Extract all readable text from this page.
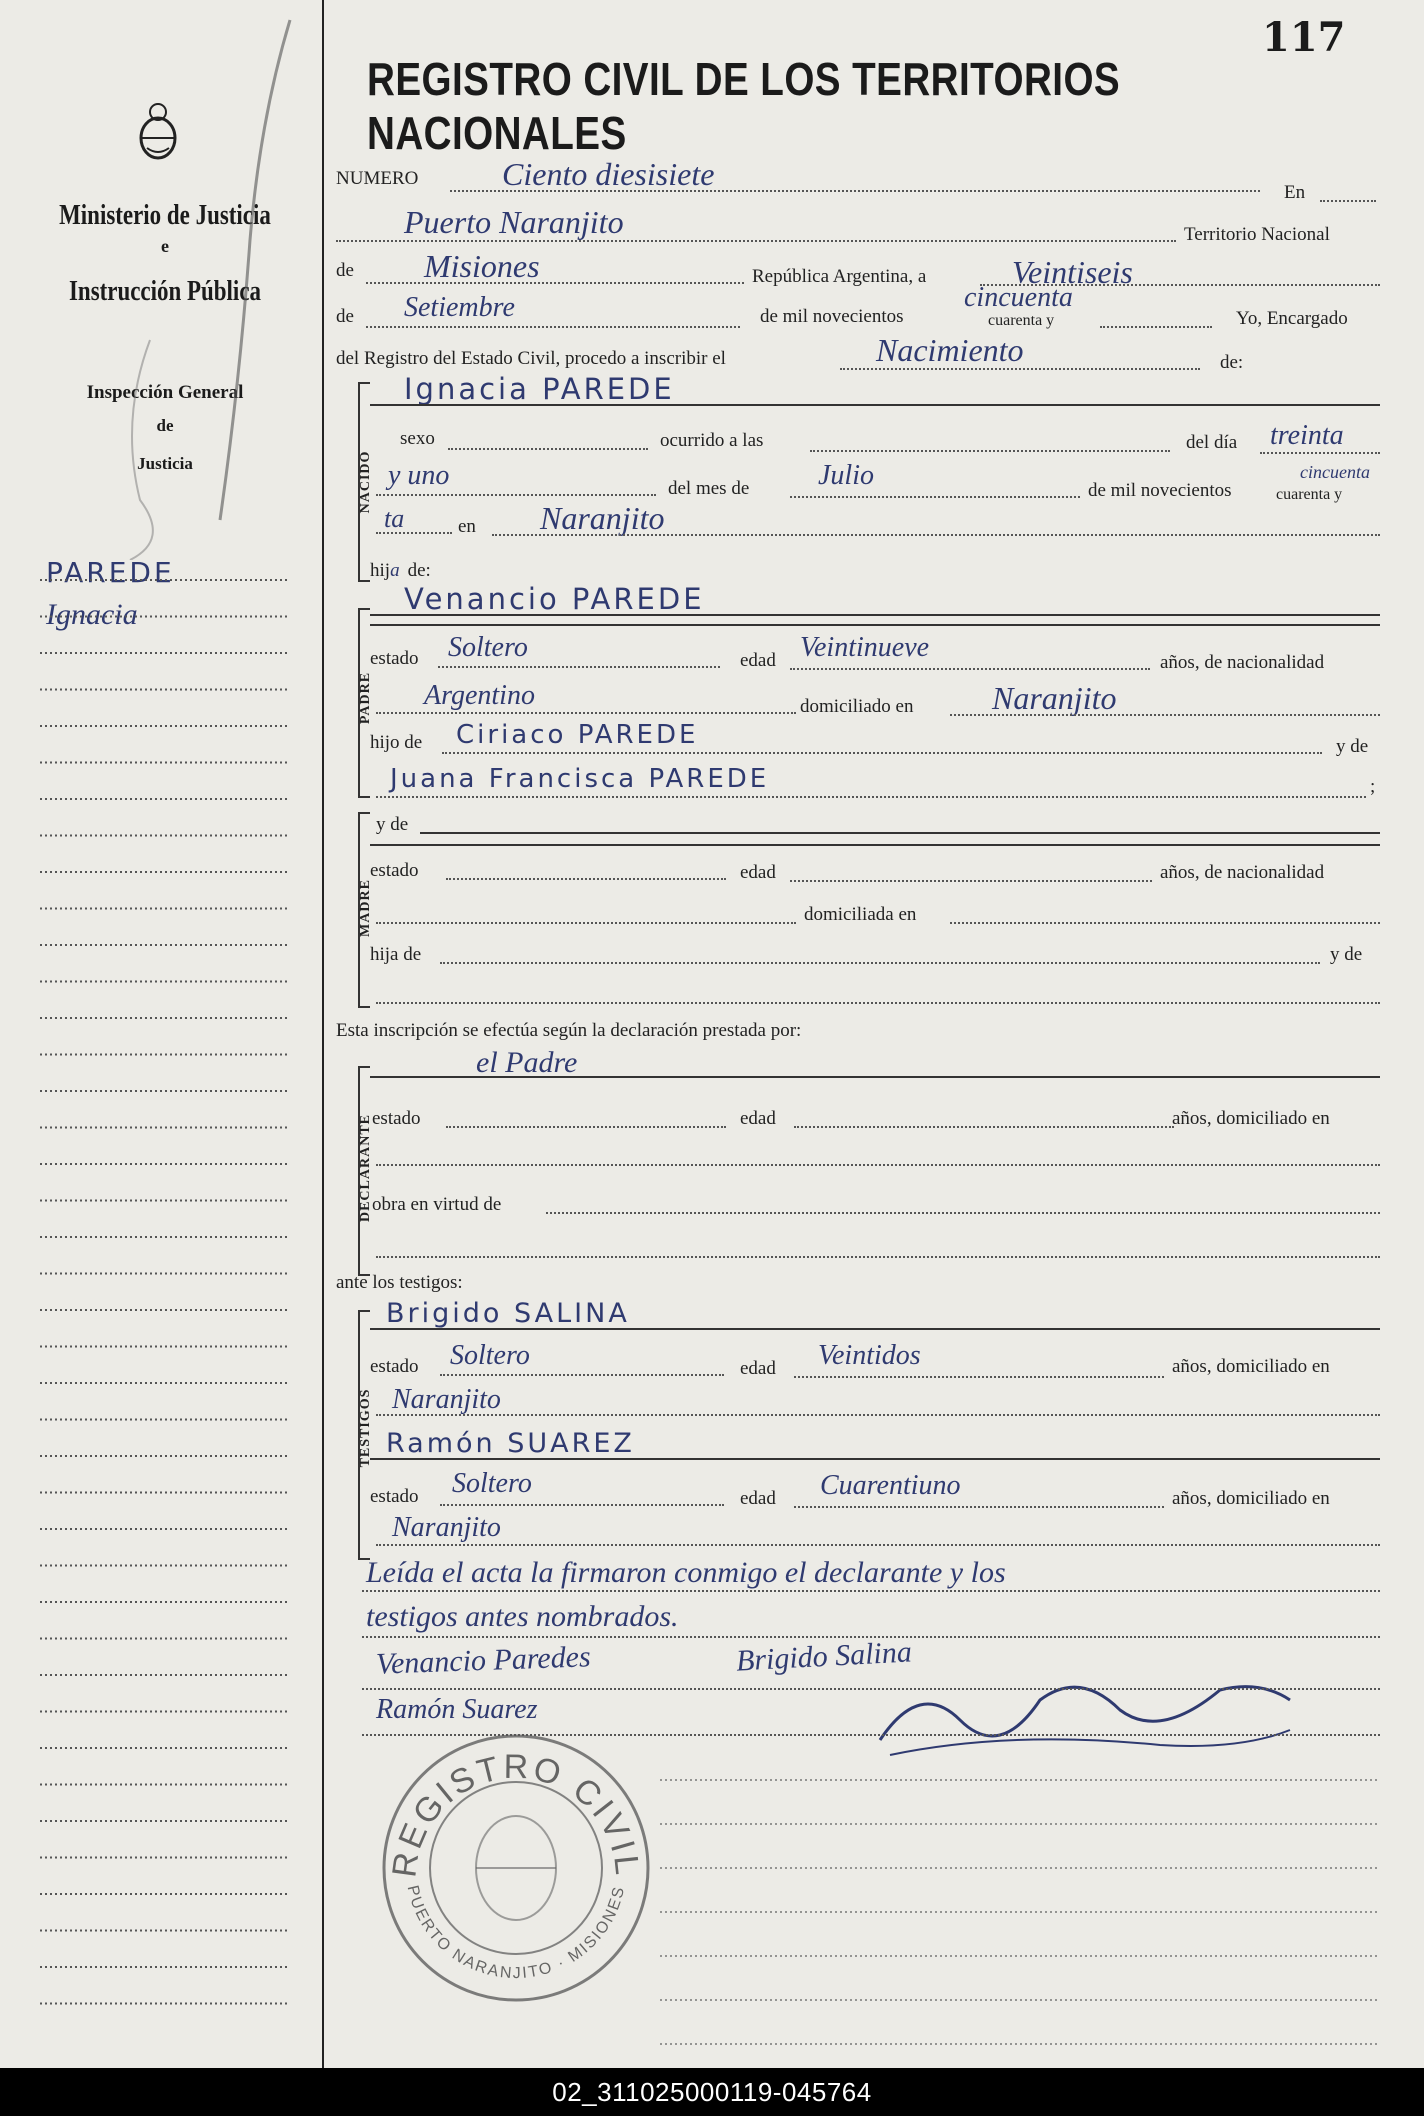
Ministerio de Justicia
e
Instrucción Pública
Inspección General
de
Justicia
PAREDE
Ignacia
117
REGISTRO CIVIL DE LOS TERRITORIOS NACIONALES
NUMERO	Ciento diesisiete
En
Puerto Naranjito	Territorio Nacional
de Misiones	República Argentina, a	Veintiseis
de Setiembre	de mil novecientos	cuarenta y
cincuenta
Yo, Encargado
del Registro del Estado Civil, procedo a inscribir el	Nacimiento	de:
NACIDO
Ignacia PAREDE
sexo	ocurrido a las	del día treinta
y uno	del mes de Julio	de mil novecientos	cuarenta y
cincuenta
ta	en Naranjito
hija de:
PADRE
Venancio PAREDE
estado Soltero	edad Veintinueve	años, de nacionalidad
Argentino	domiciliado en Naranjito
hijo de Ciriaco PAREDE	y de
Juana Francisca PAREDE	;
MADRE
y de
estado	edad	años, de nacionalidad
domiciliada en
hija de	y de
Esta inscripción se efectúa según la declaración prestada por:
DECLARANTE
el Padre
estado	edad	años, domiciliado en
obra en virtud de
ante los testigos:
TESTIGOS
Brigido SALINA
estado Soltero	edad Veintidos	años, domiciliado en
Naranjito
Ramón SUAREZ
estado Soltero	edad Cuarentiuno	años, domiciliado en
Naranjito
Leída el acta la firmaron conmigo el declarante y los
testigos antes nombrados.
Venancio Paredes	Brigido Salina
Ramón Suarez
REGISTRO CIVIL
PUERTO NARANJITO · MISIONES
02_311025000119-045764
